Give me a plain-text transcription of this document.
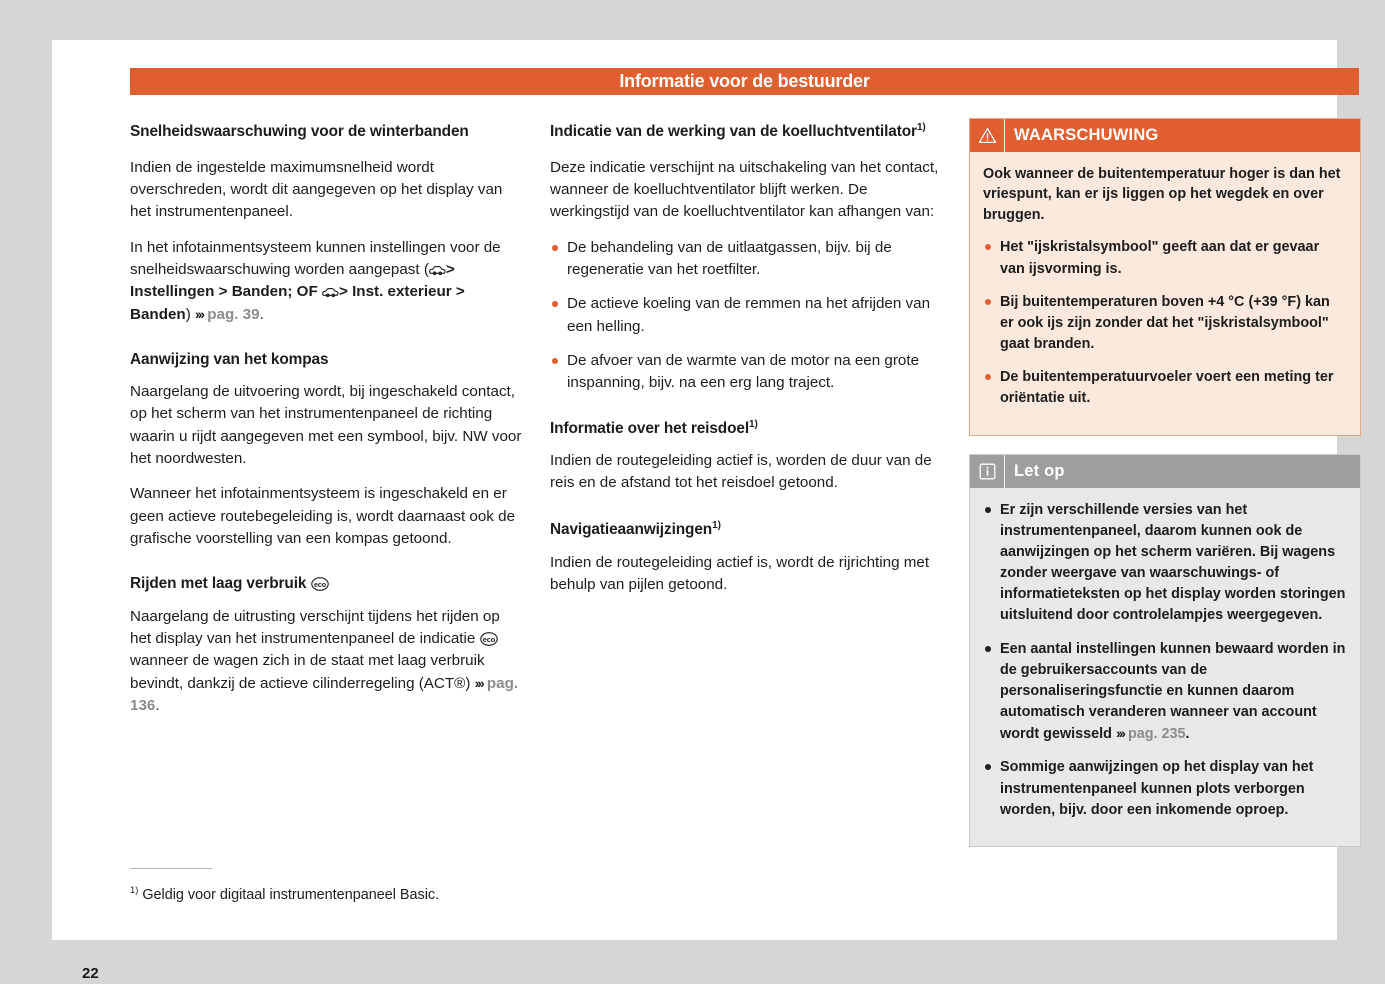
Informatie voor de bestuurder
22
Snelheidswaarschuwing voor de winterbanden

Indien de ingestelde maximumsnelheid wordt overschreden, wordt dit aangegeven op het display van het instrumentenpaneel.

In het infotainmentsysteem kunnen instellingen voor de snelheidswaarschuwing worden aangepast ( > Instellingen > Banden; OF
> Inst. exterieur > Banden) ››› pag. 39.

Aanwijzing van het kompas

Naargelang de uitvoering wordt, bij ingeschakeld contact, op het scherm van het instrumentenpaneel de richting waarin u rijdt aangegeven met een symbool, bijv. NW voor het noordwesten.

Wanneer het infotainmentsysteem is ingeschakeld en er geen actieve routebegeleiding is, wordt daarnaast ook de grafische voorstelling van een kompas getoond.

Rijden met laag verbruik eco

Naargelang de uitrusting verschijnt tijdens het rijden op het display van het instrumentenpaneel de indicatie eco
wanneer de wagen zich in de staat met laag verbruik bevindt, dankzij de actieve cilinderregeling (ACT®) ››› pag. 136.

Indicatie van de werking van de koelluchtventilator$^{1)}$

Deze indicatie verschijnt na uitschakeling van het contact, wanneer de koelluchtventilator blijft werken. De werkingstijd van de koelluchtventilator kan afhangen van:

De behandeling van de uitlaatgassen, bijv. bij de regeneratie van het roetfilter.
De actieve koeling van de remmen na het afrijden van een helling.
De afvoer van de warmte van de motor na een grote inspanning, bijv. na een erg lang traject.
Informatie over het reisdoel$^{1)}$

Indien de routegeleiding actief is, worden de duur van de reis en de afstand tot het reisdoel getoond.

Navigatieaanwijzingen$^{1)}$

Indien de routegeleiding actief is, wordt de rijrichting met behulp van pijlen getoond.

WAARSCHUWING

Ook wanneer de buitentemperatuur hoger is dan het vriespunt, kan er ijs liggen op het wegdek en over bruggen.

Het "ijskristalsymbool" geeft aan dat er gevaar van ijsvorming is.
Bij buitentemperaturen boven +4 °C (+39 °F) kan er ook ijs zijn zonder dat het "ijskristalsymbool" gaat branden.
De buitentemperatuurvoeler voert een meting ter oriëntatie uit.
Let op
Er zijn verschillende versies van het instrumentenpaneel, daarom kunnen ook de aanwijzingen op het scherm variëren. Bij wagens zonder weergave van waarschuwings- of informatieteksten op het display worden storingen uitsluitend door controlelampjes weergegeven.
Een aantal instellingen kunnen bewaard worden in de gebruikersaccounts van de personaliseringsfunctie en kunnen daarom automatisch veranderen wanneer van account wordt gewisseld ››› pag. 235.
Sommige aanwijzingen op het display van het instrumentenpaneel kunnen plots verborgen worden, bijv. door een inkomende oproep.
$^{1)}$ Geldig voor digitaal instrumentenpaneel Basic.
